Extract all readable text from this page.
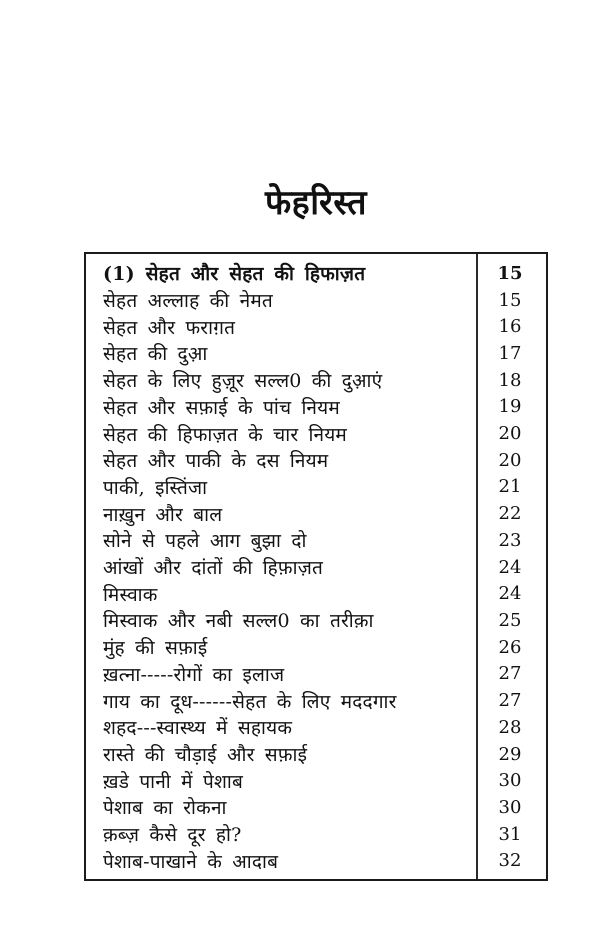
फेहरिस्त
(1) सेहत और सेहत की हिफाज़त	15
सेहत अल्लाह की नेमत	15
सेहत और फराग़त	16
सेहत की दुआ़	17
सेहत के लिए हुज़ूर सल्ल0 की दुआ़एं	18
सेहत और सफ़ाई के पांच नियम	19
सेहत की हिफाज़त के चार नियम	20
सेहत और पाकी के दस नियम	20
पाकी, इस्तिंजा	21
नाख़ुन और बाल	22
सोने से पहले आग बुझा दो	23
आंखों और दांतों की हिफ़ाज़त	24
मिस्वाक	24
मिस्वाक और नबी सल्ल0 का तरीक़ा	25
मुंह की सफ़ाई	26
ख़त्ना-----रोगों का इलाज	27
गाय का दूध------सेहत के लिए मददगार	27
शहद---स्वास्थ्य में सहायक	28
रास्ते की चौड़ाई और सफ़ाई	29
ख़डे पानी में पेशाब	30
पेशाब का रोकना	30
क़ब्ज़ कैसे दूर हो?	31
पेशाब-पाखाने के आदाब	32
